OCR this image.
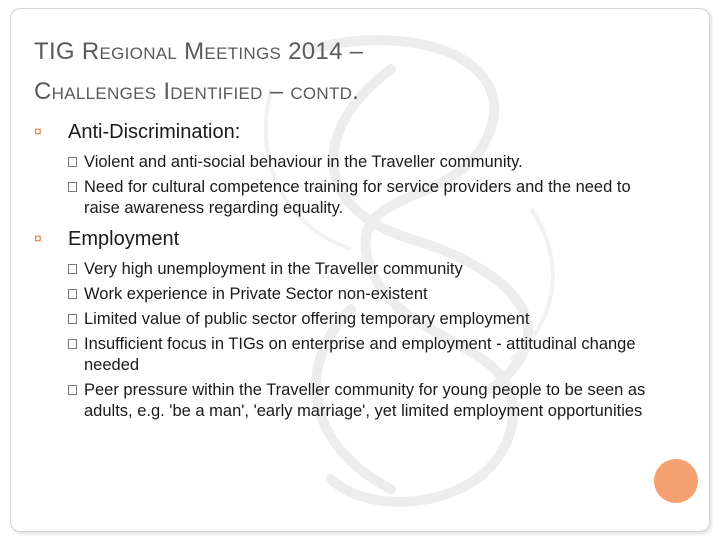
TIG Regional Meetings 2014 –
Challenges Identified – contd.
¤ Anti-Discrimination:
Violent and anti-social behaviour in the Traveller community.
Need for cultural competence training for service providers and the need to raise awareness regarding equality.
¤ Employment
Very high unemployment in the Traveller community
Work experience in Private Sector non-existent
Limited value of public sector offering temporary employment
Insufficient focus in TIGs on enterprise and employment - attitudinal change needed
Peer pressure within the Traveller community for young people to be seen as adults, e.g. 'be a man', 'early marriage', yet limited employment opportunities
